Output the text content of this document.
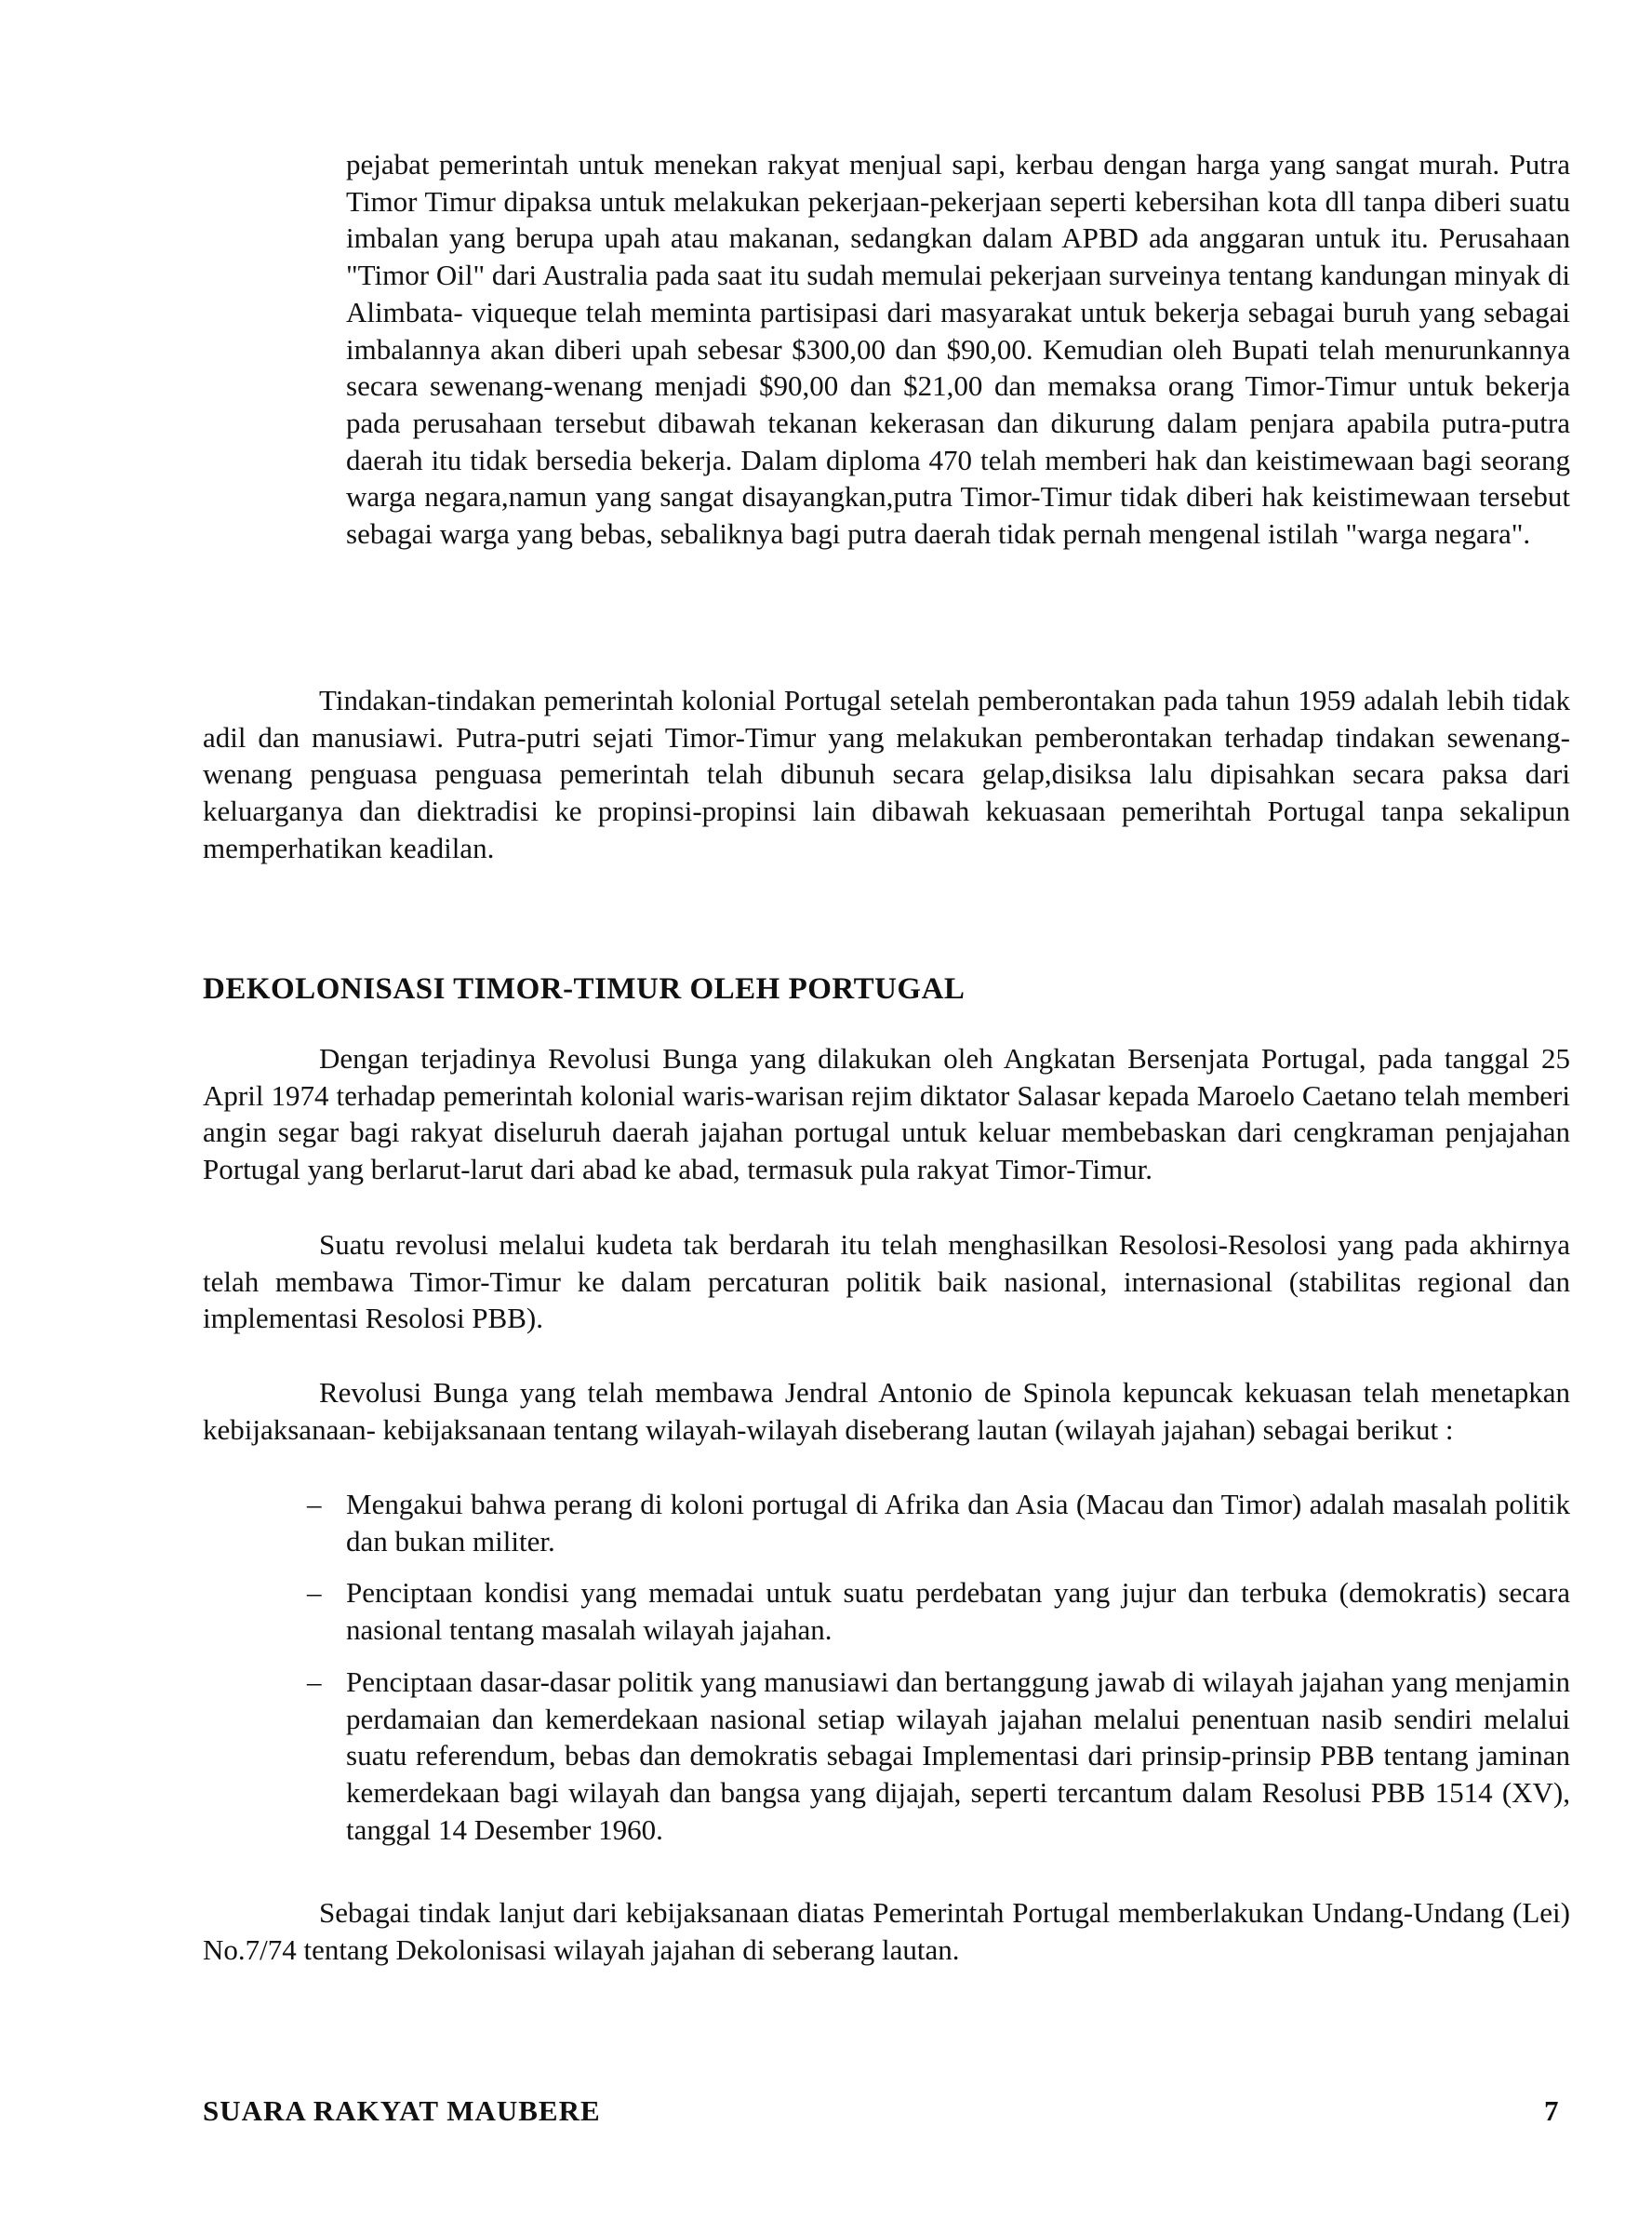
pejabat pemerintah untuk menekan rakyat menjual sapi, kerbau dengan harga yang sangat murah. Putra Timor Timur dipaksa untuk melakukan pekerjaan-pekerjaan seperti kebersihan kota dll tanpa diberi suatu imbalan yang berupa upah atau makanan, sedangkan dalam APBD ada anggaran untuk itu. Perusahaan "Timor Oil" dari Australia pada saat itu sudah memulai pekerjaan surveinya tentang kandungan minyak di Alimbata- viqueque telah meminta partisipasi dari masyarakat untuk bekerja sebagai buruh yang sebagai imbalannya akan diberi upah sebesar $300,00 dan $90,00. Kemudian oleh Bupati telah menurunkannya secara sewenang-wenang menjadi $90,00 dan $21,00 dan memaksa orang Timor-Timur untuk bekerja pada perusahaan tersebut dibawah tekanan kekerasan dan dikurung dalam penjara apabila putra-putra daerah itu tidak bersedia bekerja. Dalam diploma 470 telah memberi hak dan keistimewaan bagi seorang warga negara,namun yang sangat disayangkan,putra Timor-Timur tidak diberi hak keistimewaan tersebut sebagai warga yang bebas, sebaliknya bagi putra daerah tidak pernah mengenal istilah "warga negara".

Tindakan-tindakan pemerintah kolonial Portugal setelah pemberontakan pada tahun 1959 adalah lebih tidak adil dan manusiawi. Putra-putri sejati Timor-Timur yang melakukan pemberontakan terhadap tindakan sewenang-wenang penguasa penguasa pemerintah telah dibunuh secara gelap,disiksa lalu dipisahkan secara paksa dari keluarganya dan diektradisi ke propinsi-propinsi lain dibawah kekuasaan pemerihtah Portugal tanpa sekalipun memperhatikan keadilan.

DEKOLONISASI TIMOR-TIMUR OLEH PORTUGAL

Dengan terjadinya Revolusi Bunga yang dilakukan oleh Angkatan Bersenjata Portugal, pada tanggal 25 April 1974 terhadap pemerintah kolonial waris-warisan rejim diktator Salasar kepada Maroelo Caetano telah memberi angin segar bagi rakyat diseluruh daerah jajahan portugal untuk keluar membebaskan dari cengkraman penjajahan Portugal yang berlarut-larut dari abad ke abad, termasuk pula rakyat Timor-Timur.

Suatu revolusi melalui kudeta tak berdarah itu telah menghasilkan Resolosi-Resolosi yang pada akhirnya telah membawa Timor-Timur ke dalam percaturan politik baik nasional, internasional (stabilitas regional dan implementasi Resolosi PBB).

Revolusi Bunga yang telah membawa Jendral Antonio de Spinola kepuncak kekuasan telah menetapkan kebijaksanaan- kebijaksanaan tentang wilayah-wilayah diseberang lautan (wilayah jajahan) sebagai berikut :

– Mengakui bahwa perang di koloni portugal di Afrika dan Asia (Macau dan Timor) adalah masalah politik dan bukan militer.
– Penciptaan kondisi yang memadai untuk suatu perdebatan yang jujur dan terbuka (demokratis) secara nasional tentang masalah wilayah jajahan.
– Penciptaan dasar-dasar politik yang manusiawi dan bertanggung jawab di wilayah jajahan yang menjamin perdamaian dan kemerdekaan nasional setiap wilayah jajahan melalui penentuan nasib sendiri melalui suatu referendum, bebas dan demokratis sebagai Implementasi dari prinsip-prinsip PBB tentang jaminan kemerdekaan bagi wilayah dan bangsa yang dijajah, seperti tercantum dalam Resolusi PBB 1514 (XV), tanggal 14 Desember 1960.

Sebagai tindak lanjut dari kebijaksanaan diatas Pemerintah Portugal memberlakukan Undang-Undang (Lei) No.7/74 tentang Dekolonisasi wilayah jajahan di seberang lautan.

SUARA RAKYAT MAUBERE	7
